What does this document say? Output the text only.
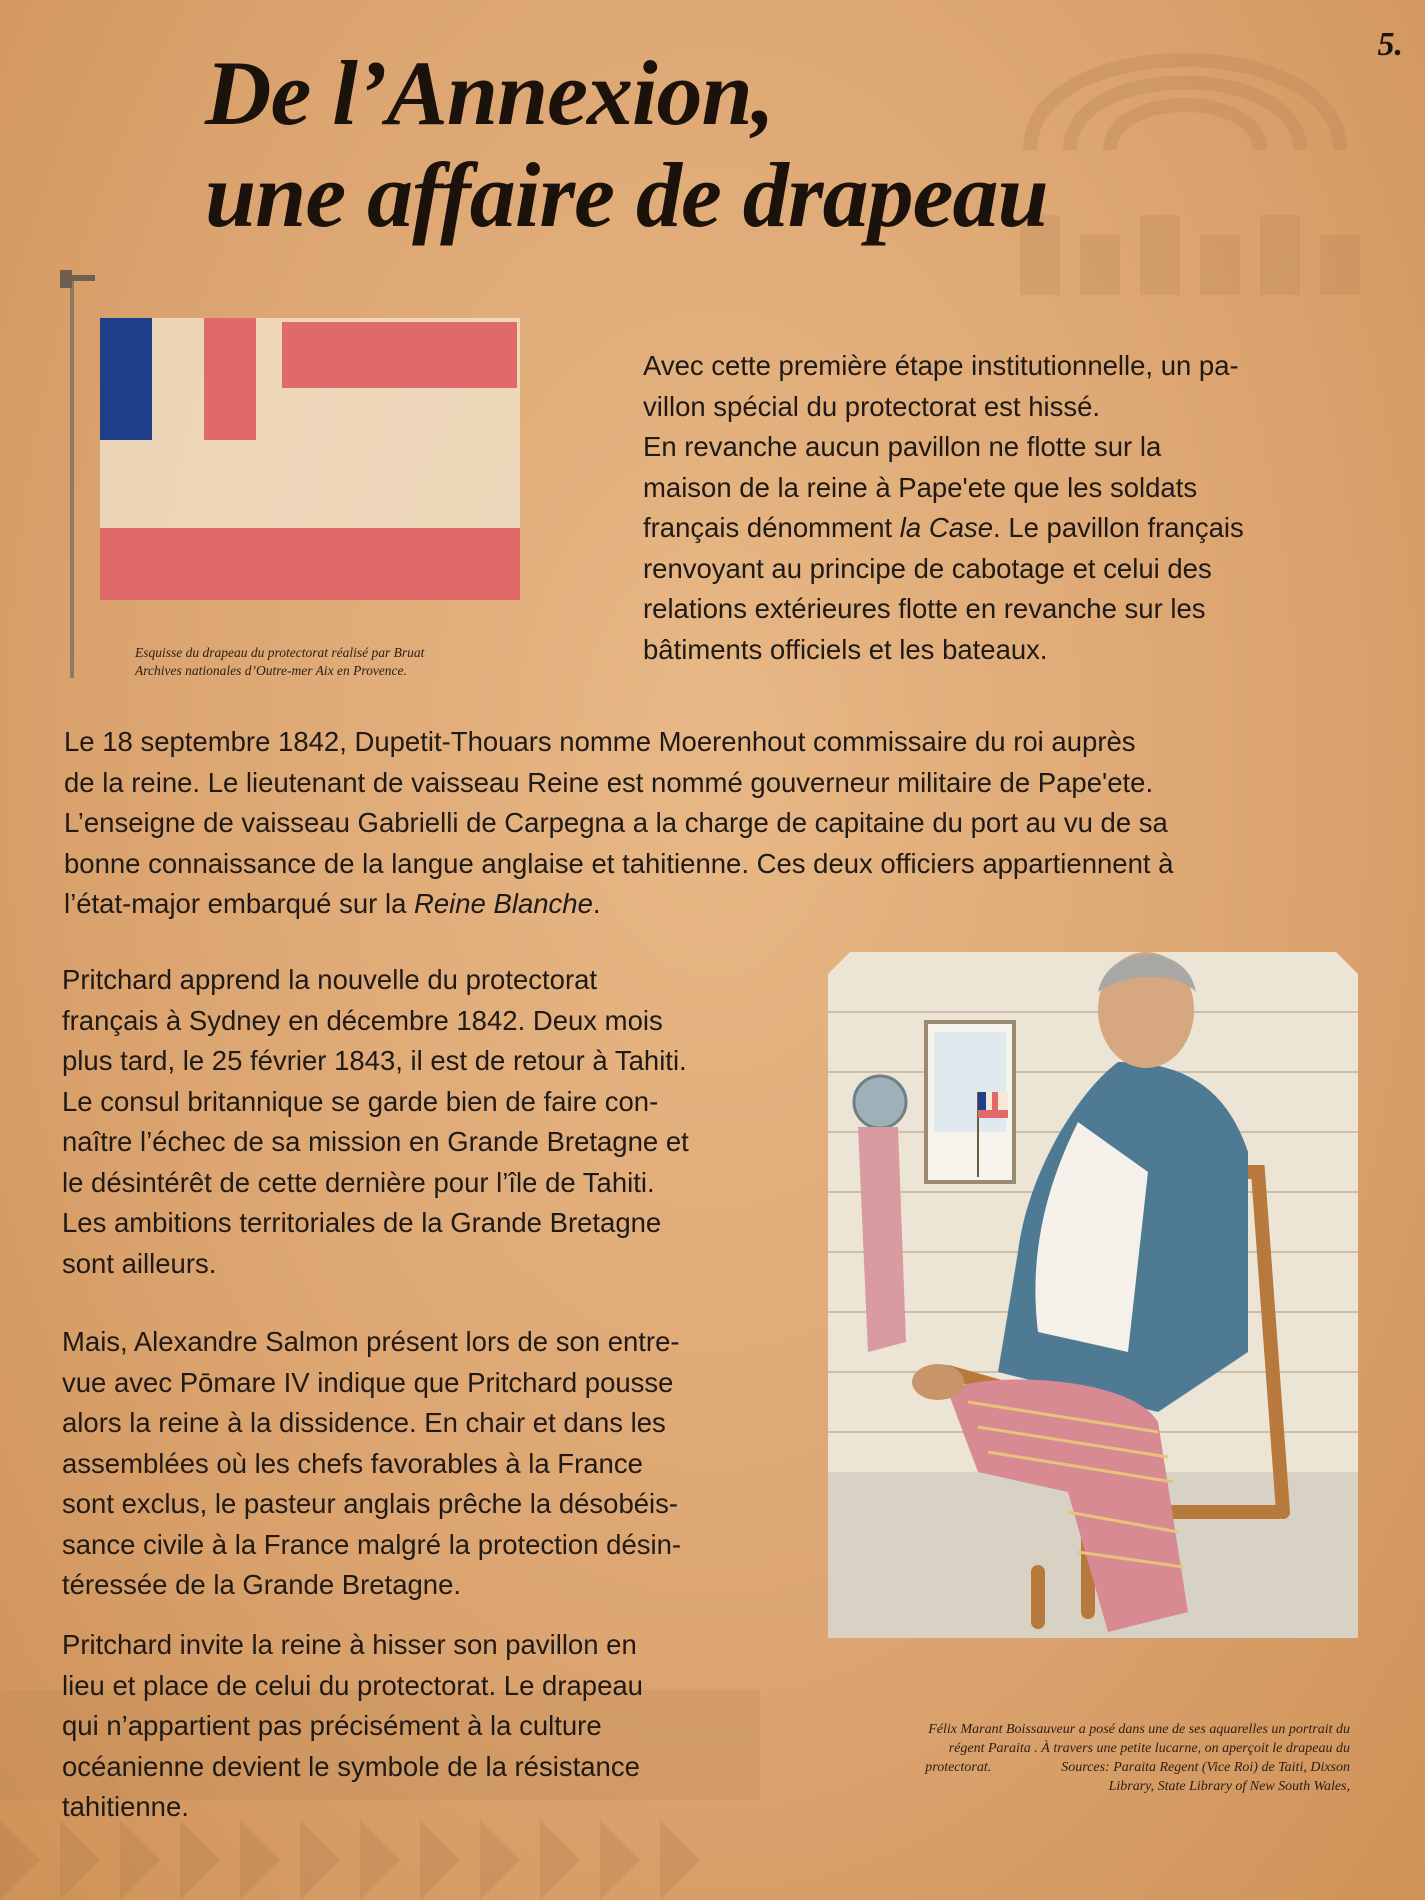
5.
De l’Annexion,
une affaire de drapeau
Esquisse du drapeau du protectorat réalisé par Bruat
Archives nationales d’Outre-mer Aix en Provence.

Avec cette première étape institutionnelle, un pa-
villon spécial du protectorat est hissé.
En revanche aucun pavillon ne flotte sur la
maison de la reine à Pape'ete que les soldats
français dénomment la Case. Le pavillon français
renvoyant au principe de cabotage et celui des
relations extérieures flotte en revanche sur les
bâtiments officiels et les bateaux.

Le 18 septembre 1842, Dupetit-Thouars nomme Moerenhout commissaire du roi auprès
de la reine. Le lieutenant de vaisseau Reine est nommé gouverneur militaire de Pape'ete.
L’enseigne de vaisseau Gabrielli de Carpegna a la charge de capitaine du port au vu de sa
bonne connaissance de la langue anglaise et tahitienne. Ces deux officiers appartiennent à
l’état-major embarqué sur la Reine Blanche.

Pritchard apprend la nouvelle du protectorat
français à Sydney en décembre 1842. Deux mois
plus tard, le 25 février 1843, il est de retour à Tahiti.
Le consul britannique se garde bien de faire con-
naître l’échec de sa mission en Grande Bretagne et
le désintérêt de cette dernière pour l’île de Tahiti.
Les ambitions territoriales de la Grande Bretagne
sont ailleurs.

Mais, Alexandre Salmon présent lors de son entre-
vue avec Pōmare IV indique que Pritchard pousse
alors la reine à la dissidence. En chair et dans les
assemblées où les chefs favorables à la France
sont exclus, le pasteur anglais prêche la désobéis-
sance civile à la France malgré la protection désin-
téressée de la Grande Bretagne.

Pritchard invite la reine à hisser son pavillon en
lieu et place de celui du protectorat. Le drapeau
qui n’appartient pas précisément à la culture
océanienne devient le symbole de la résistance
tahitienne.

Félix Marant Boissauveur a posé dans une de ses aquarelles un portrait du
régent Paraita . À travers une petite lucarne, on aperçoit le drapeau du
protectorat.                    Sources: Paraita Regent (Vice Roi) de Taiti, Dixson
Library, State Library of New South Wales,
